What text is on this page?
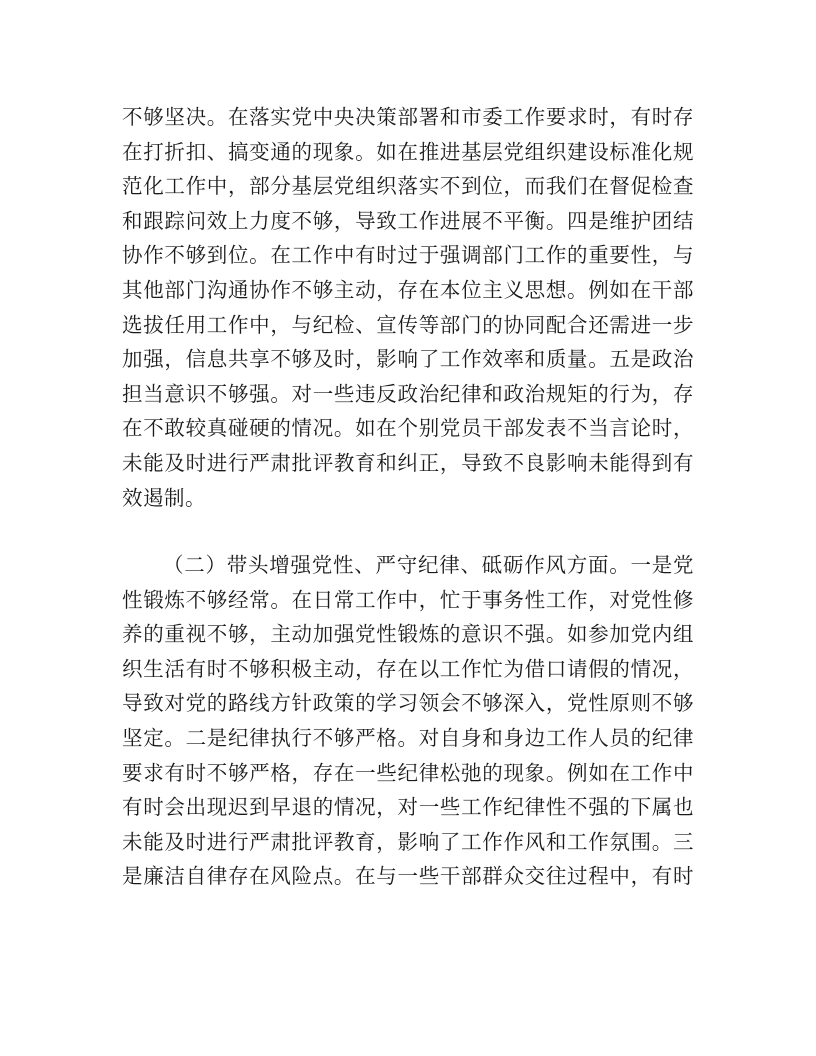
不够坚决。在落实党中央决策部署和市委工作要求时，有时存
在打折扣、搞变通的现象。如在推进基层党组织建设标准化规
范化工作中，部分基层党组织落实不到位，而我们在督促检查
和跟踪问效上力度不够，导致工作进展不平衡。四是维护团结
协作不够到位。在工作中有时过于强调部门工作的重要性，与
其他部门沟通协作不够主动，存在本位主义思想。例如在干部
选拔任用工作中，与纪检、宣传等部门的协同配合还需进一步
加强，信息共享不够及时，影响了工作效率和质量。五是政治
担当意识不够强。对一些违反政治纪律和政治规矩的行为，存
在不敢较真碰硬的情况。如在个别党员干部发表不当言论时，
未能及时进行严肃批评教育和纠正，导致不良影响未能得到有
效遏制。
（二）带头增强党性、严守纪律、砥砺作风方面。一是党
性锻炼不够经常。在日常工作中，忙于事务性工作，对党性修
养的重视不够，主动加强党性锻炼的意识不强。如参加党内组
织生活有时不够积极主动，存在以工作忙为借口请假的情况，
导致对党的路线方针政策的学习领会不够深入，党性原则不够
坚定。二是纪律执行不够严格。对自身和身边工作人员的纪律
要求有时不够严格，存在一些纪律松弛的现象。例如在工作中
有时会出现迟到早退的情况，对一些工作纪律性不强的下属也
未能及时进行严肃批评教育，影响了工作作风和工作氛围。三
是廉洁自律存在风险点。在与一些干部群众交往过程中，有时
